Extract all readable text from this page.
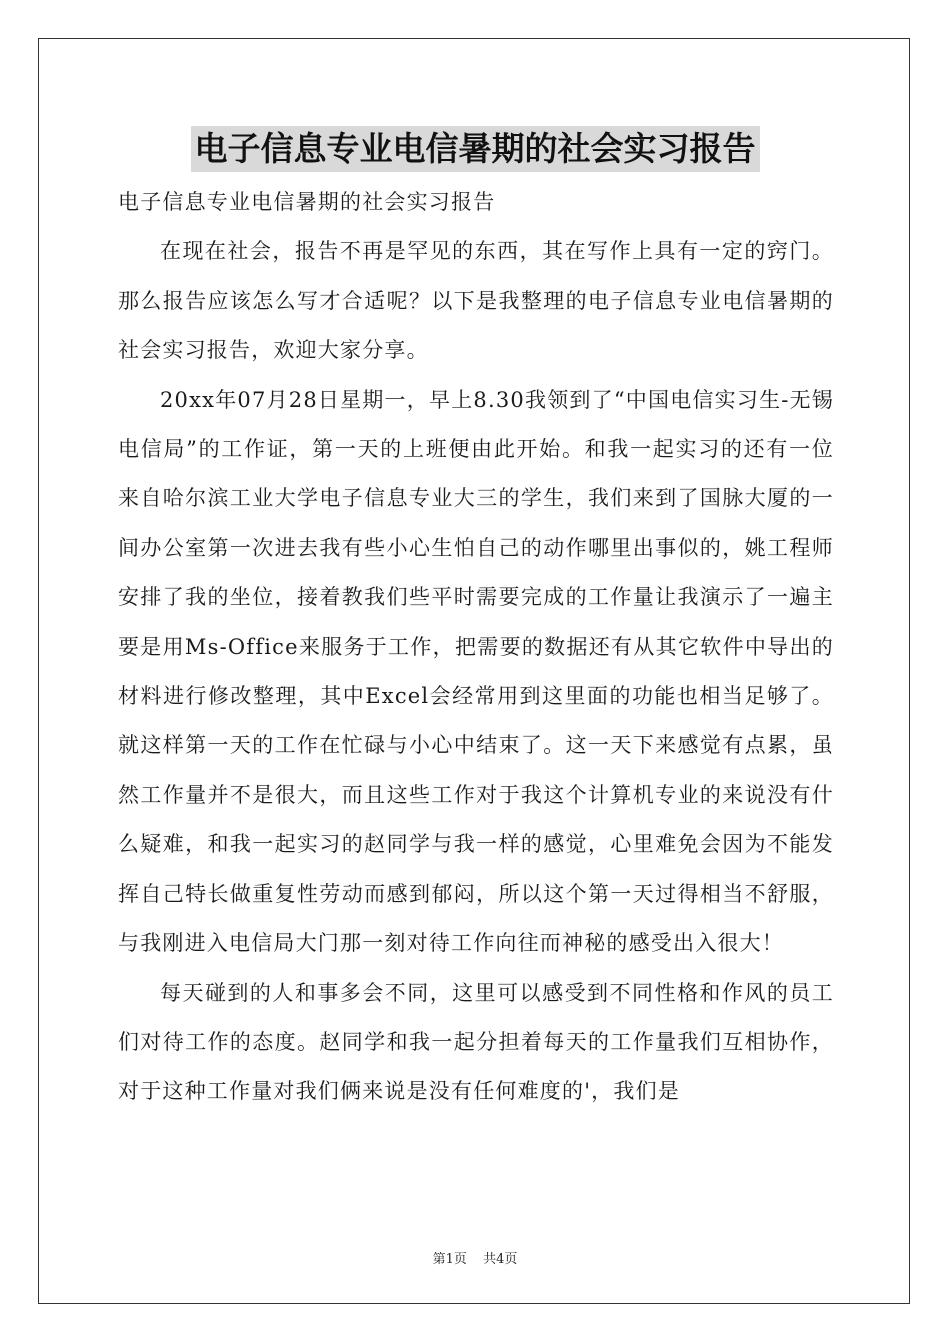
电子信息专业电信暑期的社会实习报告

电子信息专业电信暑期的社会实习报告

在现在社会，报告不再是罕见的东西，其在写作上具有一定的窍门。那么报告应该怎么写才合适呢？以下是我整理的电子信息专业电信暑期的社会实习报告，欢迎大家分享。

20xx年07月28日星期一，早上8.30我领到了“中国电信实习生-无锡电信局”的工作证，第一天的上班便由此开始。和我一起实习的还有一位来自哈尔滨工业大学电子信息专业大三的学生，我们来到了国脉大厦的一间办公室第一次进去我有些小心生怕自己的动作哪里出事似的，姚工程师安排了我的坐位，接着教我们些平时需要完成的工作量让我演示了一遍主要是用Ms-Office来服务于工作，把需要的数据还有从其它软件中导出的材料进行修改整理，其中Excel会经常用到这里面的功能也相当足够了。就这样第一天的工作在忙碌与小心中结束了。这一天下来感觉有点累，虽然工作量并不是很大，而且这些工作对于我这个计算机专业的来说没有什么疑难，和我一起实习的赵同学与我一样的感觉，心里难免会因为不能发挥自己特长做重复性劳动而感到郁闷，所以这个第一天过得相当不舒服，与我刚进入电信局大门那一刻对待工作向往而神秘的感受出入很大！

每天碰到的人和事多会不同，这里可以感受到不同性格和作风的员工们对待工作的态度。赵同学和我一起分担着每天的工作量我们互相协作，对于这种工作量对我们俩来说是没有任何难度的'，我们是

第1页 共4页
